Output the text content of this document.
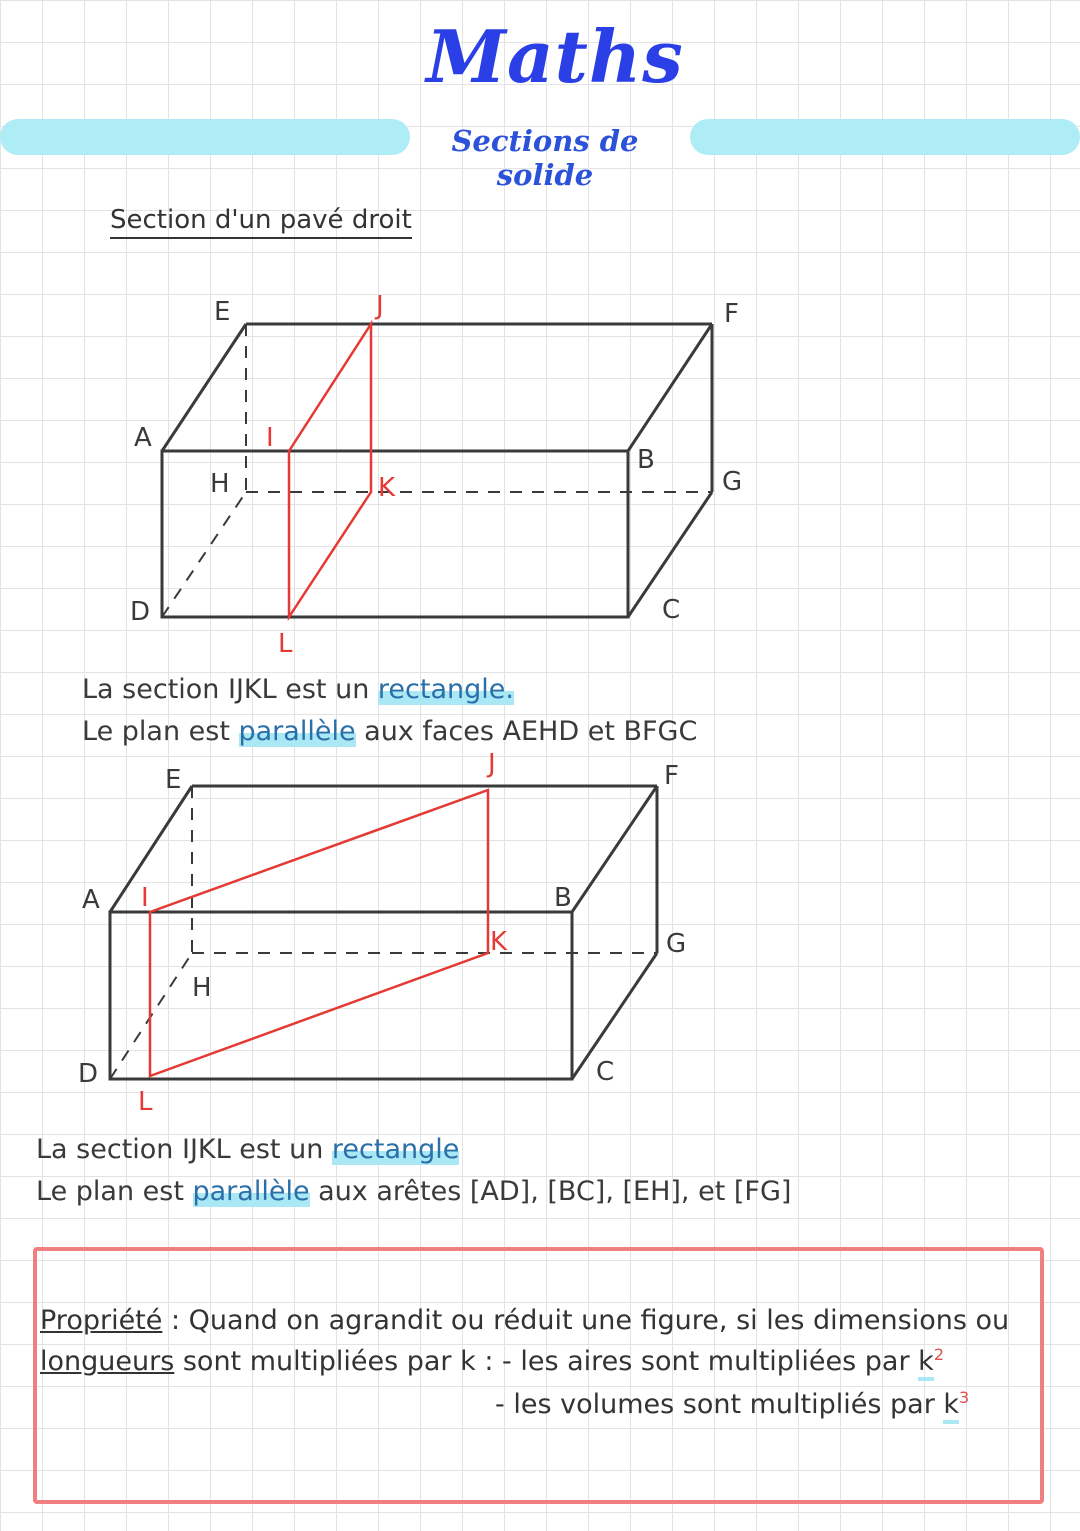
Maths
Sections de solide
Section d'un pavé droit
E	F
A
B
H	G
D	C
J
I
K
L
La section IJKL est un rectangle.
Le plan est parallèle aux faces AEHD et BFGC
E	F
A	B
G
H
D	C
J
I
K
L
La section IJKL est un rectangle
Le plan est parallèle aux arêtes [AD], [BC], [EH], et [FG]
Propriété : Quand on agrandit ou réduit une figure, si les dimensions ou
longueurs sont multipliées par k : - les aires sont multipliées par $k^2$
- les volumes sont multipliés par $k^3$
